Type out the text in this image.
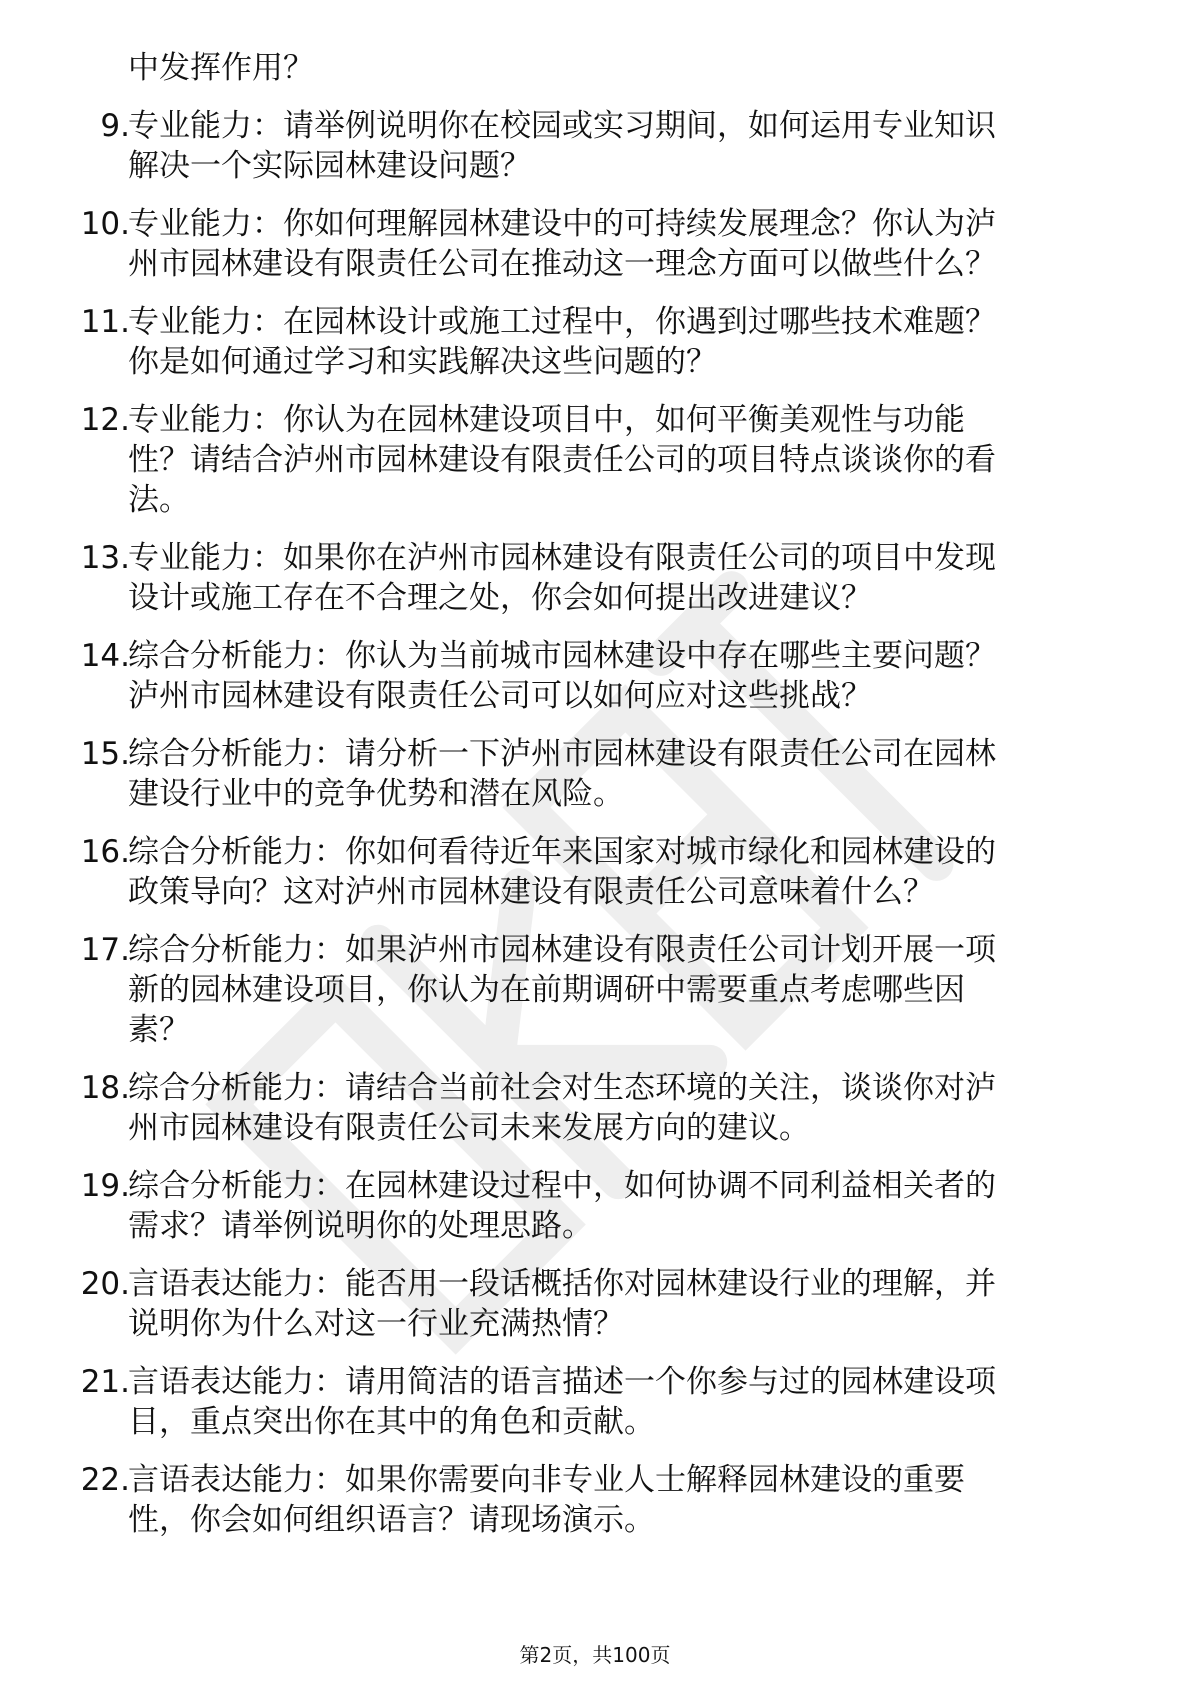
中发挥作用？

9.

专业能力：请举例说明你在校园或实习期间，如何运用专业知识
解决一个实际园林建设问题？

10.

专业能力：你如何理解园林建设中的可持续发展理念？你认为泸
州市园林建设有限责任公司在推动这一理念方面可以做些什么？

11.

专业能力：在园林设计或施工过程中，你遇到过哪些技术难题？
你是如何通过学习和实践解决这些问题的？

12.

专业能力：你认为在园林建设项目中，如何平衡美观性与功能
性？请结合泸州市园林建设有限责任公司的项目特点谈谈你的看
法。

13.

专业能力：如果你在泸州市园林建设有限责任公司的项目中发现
设计或施工存在不合理之处，你会如何提出改进建议？

14.

综合分析能力：你认为当前城市园林建设中存在哪些主要问题？
泸州市园林建设有限责任公司可以如何应对这些挑战？

15.

综合分析能力：请分析一下泸州市园林建设有限责任公司在园林
建设行业中的竞争优势和潜在风险。

16.

综合分析能力：你如何看待近年来国家对城市绿化和园林建设的
政策导向？这对泸州市园林建设有限责任公司意味着什么？

17.

综合分析能力：如果泸州市园林建设有限责任公司计划开展一项
新的园林建设项目，你认为在前期调研中需要重点考虑哪些因
素？

18.

综合分析能力：请结合当前社会对生态环境的关注，谈谈你对泸
州市园林建设有限责任公司未来发展方向的建议。

19.

综合分析能力：在园林建设过程中，如何协调不同利益相关者的
需求？请举例说明你的处理思路。

20.

言语表达能力：能否用一段话概括你对园林建设行业的理解，并
说明你为什么对这一行业充满热情？

21.

言语表达能力：请用简洁的语言描述一个你参与过的园林建设项
目，重点突出你在其中的角色和贡献。

22.

言语表达能力：如果你需要向非专业人士解释园林建设的重要
性，你会如何组织语言？请现场演示。

第2页，共100页
